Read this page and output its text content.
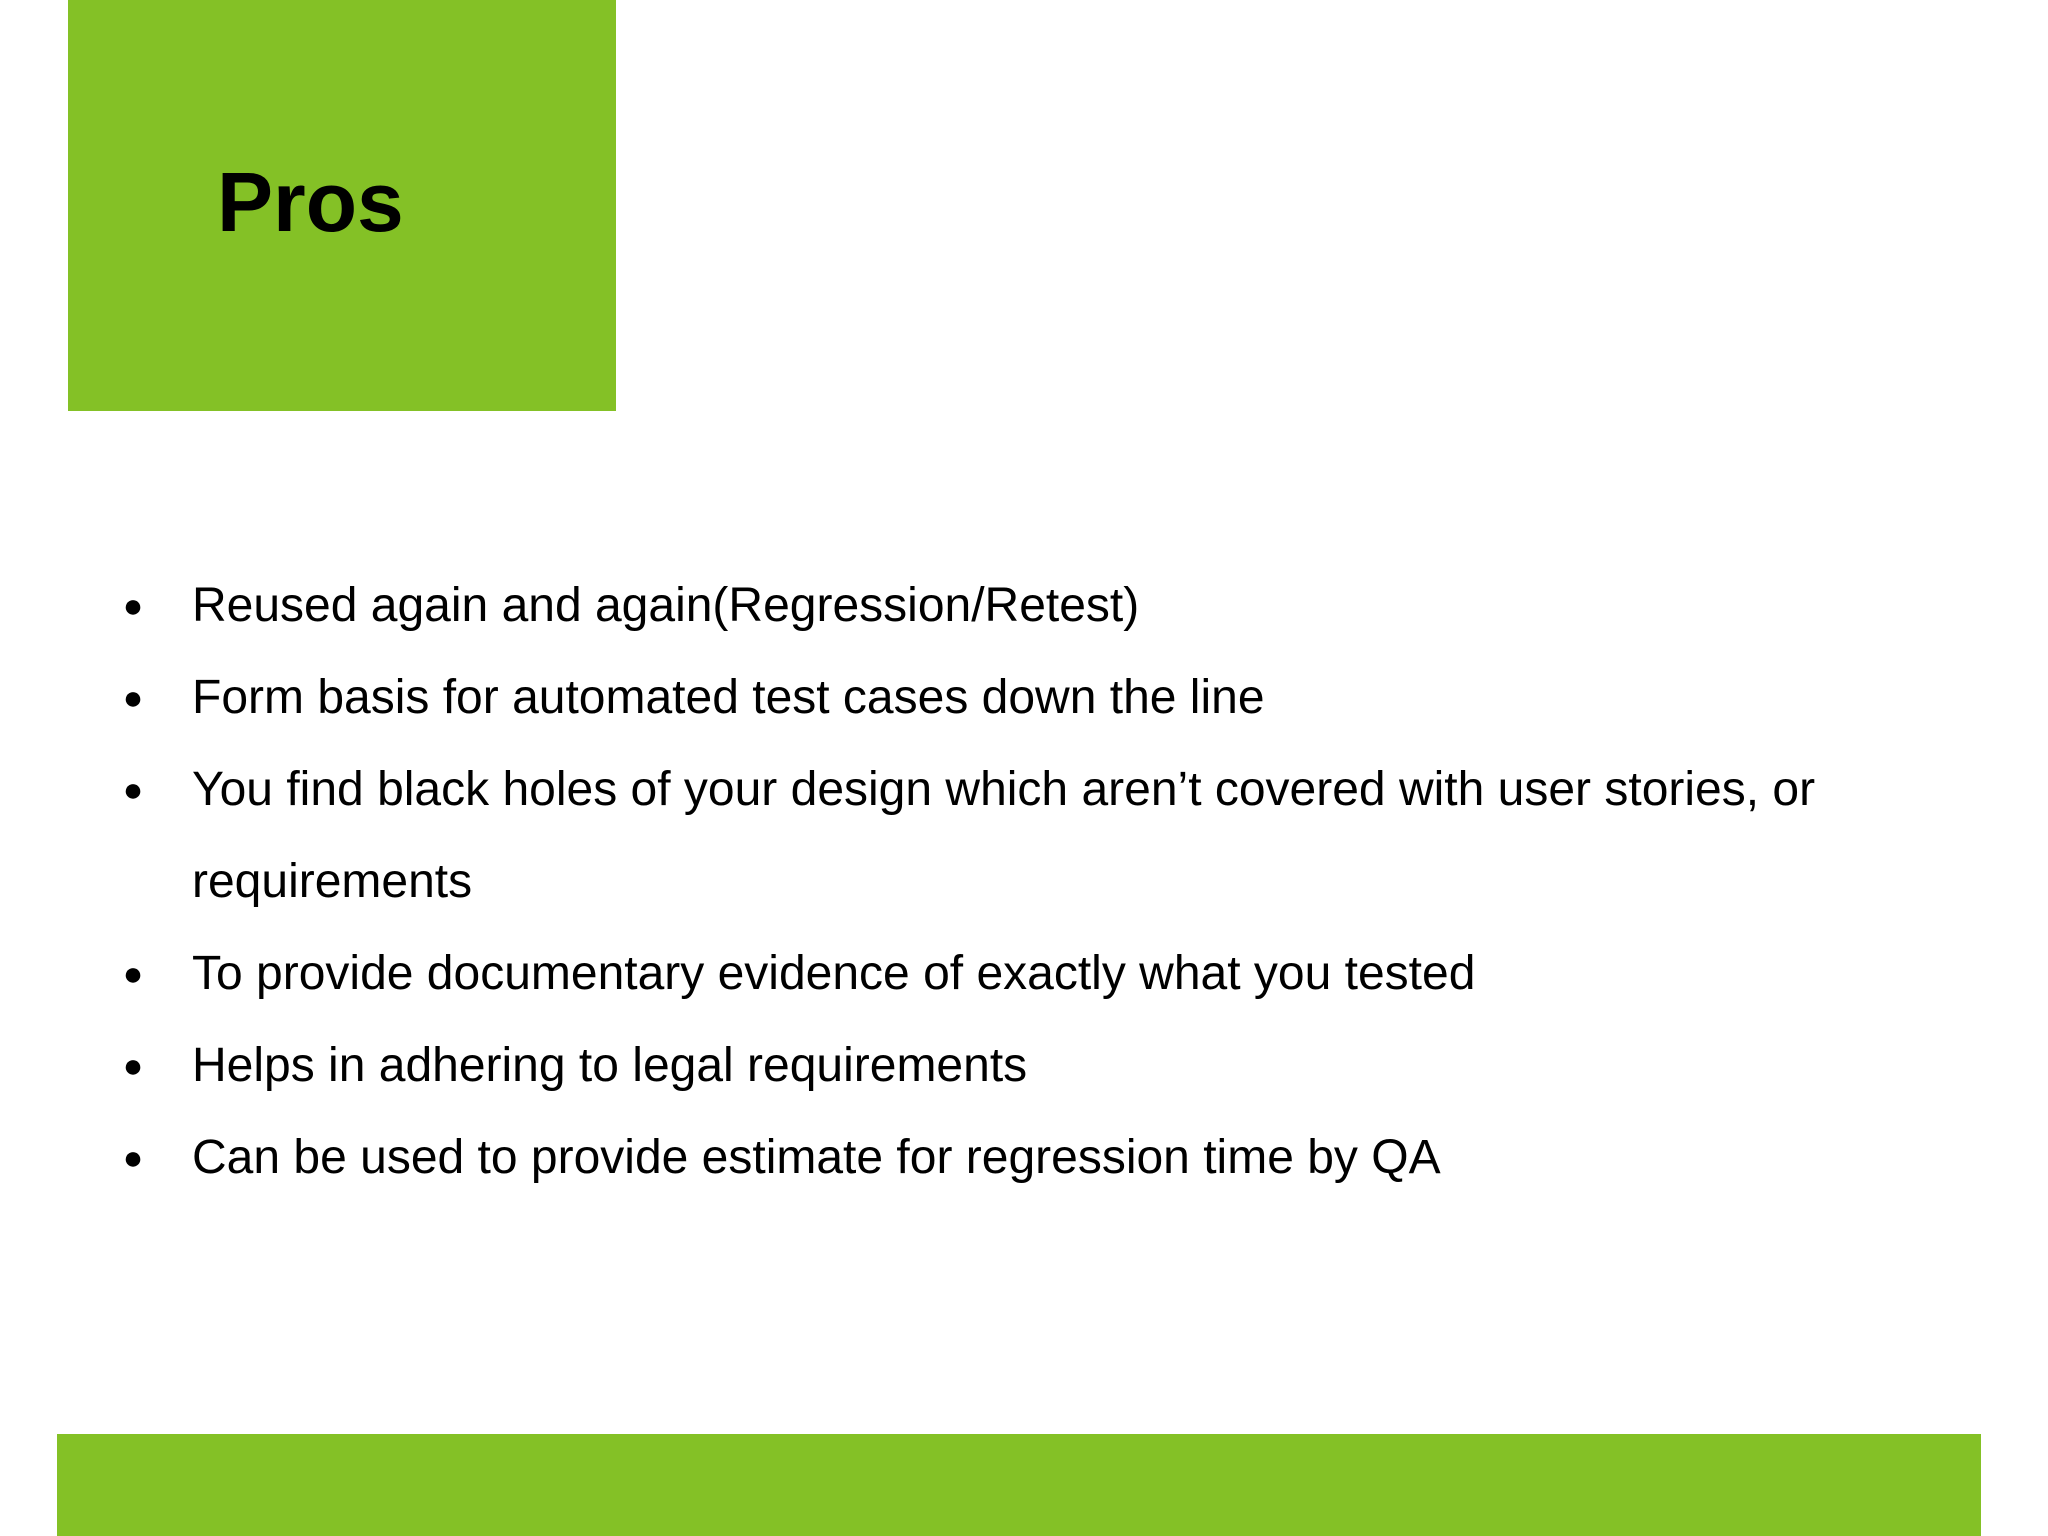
Pros
● Reused again and again(Regression/Retest)
● Form basis for automated test cases down the line
● You find black holes of your design which aren’t covered with user stories, or requirements
● To provide documentary evidence of exactly what you tested
● Helps in adhering to legal requirements
● Can be used to provide estimate for regression time by QA
